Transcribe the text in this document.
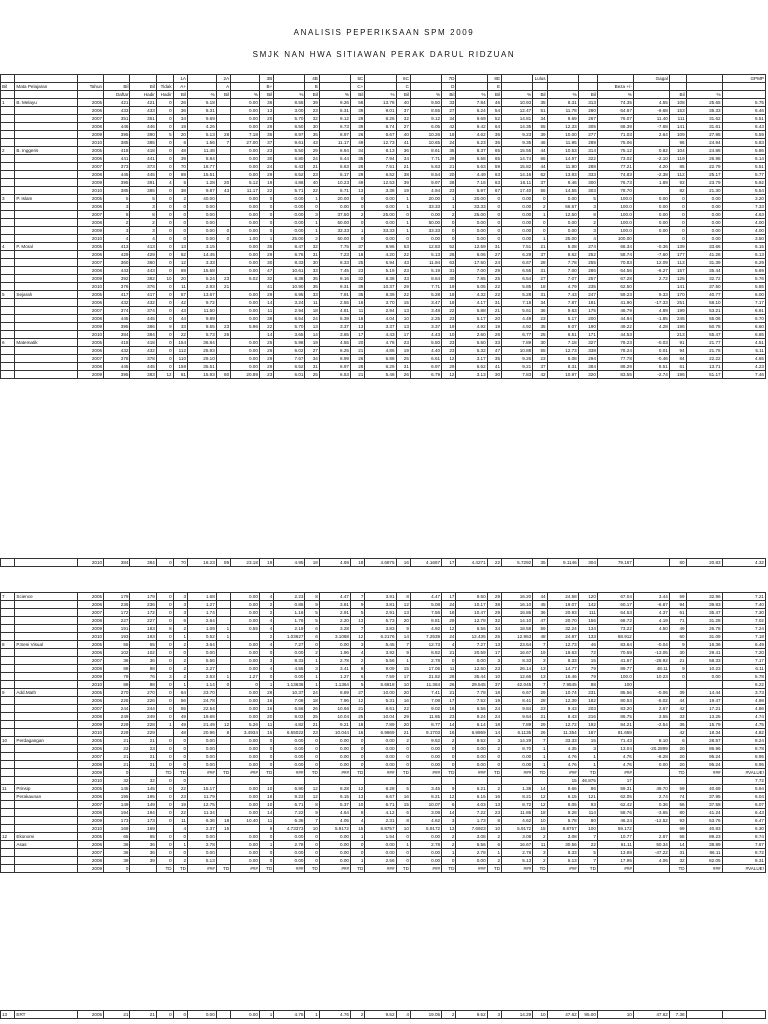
ANALISIS PEPERIKSAAN SPM 2009
SMJK NAN HWA SITIAWAN PERAK DARUL RIDZUAN
						1A		2A		3B		4B		5C		6C		7D		8E		Lulus				Gagal			GPMP
Bil	Mata Pelajaran	Tahun	Bil	Bil	Tidak	A+		A		B+		B		C+		C		D		E					Beza +/-				
			Daftar	Hadir	Hadir	Bil	%	Bil	%	Bil	%	Bil	%	Bil	%	Bil	%	Bil	%	Bil	%	Bil	%	Bil	%		Bil	%	
1	B. Melayu	2005	421	421	0	26	6.18		0.00	36	8.55	39	9.26	58	13.78	40	9.50	33	7.84	46	10.93	35	8.31	313	74.35	4.55	108	25.65	5.75
		2006	433	433	0	36	8.31		0.00	13	3.00	23	5.31	39	9.01	37	8.55	27	6.24	54	12.47	51	11.78	280	64.67	-9.68	153	35.33	6.46
		2007	351	351	0	34	9.69		0.00	20	5.70	32	9.12	29	8.26	32	9.12	34	9.69	52	14.81	34	9.69	267	76.07	11.40	111	31.62	6.51
		2008	446	446	0	19	4.26		0.00	29	6.50	30	6.73	39	8.74	27	6.05	42	9.42	64	14.35	55	12.33	305	68.39	-7.68	141	31.61	6.43
		2009	395	390	5	20	5.13	28	7.18	35	8.97	35	8.97	26	6.67	40	10.26	18	4.62	36	9.23	39	10.00	277	71.03	2.64	109	27.95	5.59
		2010	385	385	0	6	1.56	7	27.00	37	9.61	43	11.17	49	12.73	41	10.65	24	6.23	36	9.35	46	11.95	289	75.06		96	24.94	5.83
2	B. Inggeris	2005	418	418	0	48	11.48		0.00	23	5.50	29	6.94	34	8.13	36	8.61	35	8.37	65	15.55	44	10.53	314	75.12	0.82	104	24.88	5.86
		2006	441	441	0	39	8.84		0.00	30	6.80	24	5.44	35	7.94	34	7.71	29	6.58	65	14.74	66	14.97	322	73.02	-2.10	119	26.98	6.14
		2007	373	373	0	70	18.77		0.00	24	6.43	21	5.63	28	7.51	21	5.63	21	5.63	59	15.82	44	11.80	288	77.21	4.20	85	22.79	5.51
		2008	445	445	0	69	15.51		0.00	29	6.52	23	5.17	29	6.52	38	8.54	20	4.49	63	14.16	62	13.93	333	74.83	-2.38	112	25.17	5.77
		2009	395	391	4	5	1.28	20	5.12	19	4.86	40	10.23	49	12.53	39	9.97	28	7.16	63	16.11	37	9.46	300	76.73	1.89	93	23.79	5.92
		2010	385	385	0	38	9.87	43	11.17	22	5.71	22	5.71	13	3.38	19	4.94	23	5.97	67	17.40	56	14.55	303	78.70		82	21.30	5.54
3	P. Islam	2005	5	5	0	2	40.00		0.00	0	0.00	1	20.00	0	0.00	1	20.00	1	20.00	0	0.00	0	0.00	5	100.0	0.00	0	0.00	3.20
		2006	3	3	0	0	0.00		0.00	0	0.00	0	0.00	0	0.00	1	33.33	1	33.33	0	0.00	2	66.67	3	100.0	0.00	0	0.00	7.33
		2007	8	8	0	0	0.00		0.00	0	0.00	3	37.50	2	25.00	0	0.00	2	25.00	0	0.00	1	12.50	8	100.0	0.00	0	0.00	4.63
		2008	2	2	0	0	0.00		0.00	0	0.00	1	50.00	0	0.00	1	50.00	0	0.00	0	0.00	0	0.00	2	100.0	0.00	0	0.00	4.00
		2009	3	3	0	0	0.00	0	0.00	0	0.00	1	33.33	1	33.33	1	33.33	0	0.00	0	0.00	0	0.00	3	100.0	0.00	0	0.00	4.00
		2010	4	4	0	0	0.00	0	1.00	1	25.00	2	50.00	0	0.00	0	0.00	0	0.00	0	0.00	1	25.00	4	100.00		0	0.00	3.50
4	P. Moral	2005	413	413	0	13	3.15		0.00	35	8.47	32	7.75	37	8.96	53	12.83	52	12.59	31	7.51	21	5.08	274	66.34	-0.36	139	33.66	6.15
		2006	429	429	0	62	14.45		0.00	29	6.76	31	7.23	18	4.20	22	5.13	26	6.06	27	6.29	37	8.62	252	58.74	-7.60	177	41.26	6.13
		2007	360	360	0	12	3.33		0.00	30	8.33	30	8.33	25	6.94	43	11.94	63	17.50	24	6.67	28	7.78	255	70.83	12.09	113	31.39	6.29
		2008	443	443	0	69	15.58		0.00	47	10.61	33	7.45	23	5.19	23	5.19	31	7.00	29	6.55	31	7.00	286	64.56	-6.27	157	35.44	5.69
		2009	392	382	10	20	5.24	23	6.02	32	8.38	35	9.16	32	8.38	33	8.64	30	7.85	25	6.54	27	7.07	257	67.28	2.72	125	32.72	5.76
		2010	376	376	0	11	2.93	21		41	10.90	35	9.31	39	10.37	29	7.71	19	5.05	22	5.85	18	4.79	235	62.50		141	37.50	5.85
5	Sejarah	2005	417	417	0	57	13.67		0.00	29	6.95	33	7.91	35	8.39	22	5.28	18	4.32	22	5.28	31	7.43	247	59.23	9.33	170	40.77	6.00
		2006	432	432	0	42	9.72		0.00	14	3.24	11	2.55	16	3.70	15	3.47	18	4.17	31	7.18	34	7.87	181	41.90	-17.33	251	58.10	7.17
		2007	374	374	0	43	11.50		0.00	11	2.94	18	4.81	11	2.94	13	3.48	22	5.88	21	5.61	36	9.63	175	46.79	4.89	199	53.21	6.91
		2008	445	445	0	44	9.89		0.00	38	8.54	24	5.39	18	4.04	10	2.25	23	5.17	20	4.49	23	5.17	200	44.94	-1.85	245	55.06	6.70
		2009	395	386	9	33	8.55	23	5.96	22	5.70	13	3.37	13	3.37	13	3.37	19	4.92	19	4.92	35	9.07	190	49.22	4.28	196	50.78	6.60
		2010	384	384	0	22	5.73	26		14	3.65	14	3.65	17	4.43	17	4.43	10	2.60	26	6.77	25	6.51	171	44.53		213	55.47	6.85
6	Matematik	2005	418	418	0	154	36.84		0.00	25	5.98	19	4.55	20	4.78	23	5.50	23	5.50	33	7.89	30	7.18	327	78.23	-0.03	91	21.77	4.51
		2006	432	432	0	112	25.93		0.00	26	6.02	27	6.25	21	4.86	19	4.40	23	5.32	47	10.88	55	12.73	338	78.24	0.01	94	21.76	5.11
		2007	378	378	0	110	29.10		0.00	29	7.67	34	8.99	26	6.88	25	6.61	12	3.17	35	9.26	23	6.08	294	77.78	-0.46	84	22.22	4.65
		2008	445	445	0	158	35.51		0.00	29	6.52	31	6.97	28	6.29	31	6.97	29	6.52	41	9.21	37	8.31	384	86.29	8.51	61	13.71	4.23
		2009	395	383	12	61	15.93	80	20.89	23	6.01	25	6.53	21	5.48	26	6.79	12	3.13	30	7.83	42	10.97	320	83.55	-2.74	196	51.17	7.46
		2010	384	384	0	70	18.23	89	23.18	19	4.95	18	4.69	18	4.6875	16	4.1667	17	4.4271	22	5.7292	35	9.1146	304	79.167		80	20.83	4.32
7	Science	2005	179	179	0	3	1.68		0.00	4	2.23	8	4.47	7	3.91	8	4.47	17	9.50	29	16.20	44	24.58	120	67.04	3.44	59	32.96	7.21
		2006	236	236	0	3	1.27		0.00	2	0.85	9	3.81	9	3.81	12	5.08	24	10.17	38	16.10	45	19.07	142	60.17	-6.87	94	39.83	7.40
		2007	172	172	0	3	1.74		0.00	2	1.16	5	2.91	5	2.91	13	7.56	18	10.47	29	16.86	36	20.93	111	64.53	4.37	61	35.47	7.30
		2008	227	227	0	6	2.64		0.00	4	1.76	5	2.20	13	5.73	20	8.81	29	12.78	32	14.10	47	20.70	156	68.72	4.19	71	31.28	7.02
		2009	191	183	8	2	1.09	1	0.55	4	2.19	6	3.28	7	3.83	9	4.92	12	6.56	34	18.58	59	32.24	134	73.22	4.50	49	26.78	7.24
		2010	193	193	0	1	0.52	1		2	1.03627	6	3.1088	12	6.2176	14	7.2539	24	12.435	25	12.953	48	24.87	133	68.912		60	31.09	7.18
8	P.Seni Visual	2005	55	55	0	2	3.64		0.00	4	7.27	0	0.00	3	5.45	7	12.73	4	7.27	13	23.64	7	12.73	46	83.64	-0.04	9	16.36	6.49
		2006	102	102	0	0	0.00		0.00	0	0.00	2	1.96	4	3.92	9	8.82	21	20.59	17	16.67	19	18.63	72	70.59	-13.05	30	29.41	7.20
		2007	36	36	0	2	5.56		0.00	3	8.33	1	2.78	2	5.56	1	2.78	0	0.00	3	8.33	3	8.33	15	41.67	-28.92	21	58.33	7.17
		2008	88	88	0	2	2.27		0.00	4	4.55	3	3.41	8	9.09	15	17.05	11	12.50	23	26.14	13	14.77	79	89.77	48.11	9	10.23	6.11
		2009	79	76	3	2	2.53	1	1.27	0	0.00	1	1.27	6	7.59	17	21.52	28	35.44	10	12.66	13	16.46	79	100.0	10.23	0	0.00	5.78
		2010	88	88	0	1	1.14	0	0	1	1.13636	1	1.1364	5	5.6818	10	11.364	26	29.545	37	42.045	7	7.9545	88	100				6.22
9	Add.Math	2005	270	270	0	64	23.70		0.00	28	10.37	24	8.89	27	10.00	20	7.41	21	7.78	18	6.67	29	10.74	231	85.56	-0.06	39	14.44	3.73
		2006	226	226	0	56	24.78		0.00	16	7.08	18	7.96	12	5.31	16	7.08	17	7.52	19	8.41	28	12.39	182	80.53	-5.02	44	19.47	4.98
		2007	244	244	0	55	22.54		0.00	16	6.56	26	10.66	21	8.61	22	9.02	16	6.56	24	9.84	23	9.43	203	83.20	2.67	42	17.21	4.86
		2008	249	249	0	49	19.68		0.00	20	8.03	25	10.04	25	10.04	29	11.65	23	9.24	24	9.64	21	8.43	216	86.75	3.55	33	13.25	4.74
		2009	229	228	1	49	21.49	12	5.26	11	4.82	21	9.21	18	7.89	20	8.77	14	6.14	18	7.89	29	12.72	192	84.21	-2.54	36	15.79	4.75
		2010	229	229		48	20.96	8	3.4934	15	6.55022	23	10.044	16	6.9869	21	9.1703	16	6.9869	14	6.1135	26	11.354	187	81.659		42	18.34	4.82
10	Perdagangan	2005	21	21	0	0	0.00		0.00	0	0.00	0	0.00	0	0.00	2	9.52	2	9.52	3	14.29	7	33.33	15	71.43	8.10	6	28.57	8.24
		2006	23	23	0	0	0.00		0.00	0	0.00	0	0.00	0	0.00	0	0.00	0	0.00	2	8.70	1	4.35	3	13.04	-20.2899	20	86.96	8.78
		2007	21	21	0	0	0.00		0.00	0	0.00	0	0.00	0	0.00	0	0.00	0	0.00	0	0.00	1	4.76	1	4.76	-8.28	20	95.24	8.95
		2008	21	21	0	0	0.00		0.00	0	0.00	0	0.00	0	0.00	0	0.00	0	0.00	0	0.00	1	4.76	1	4.76	0.00	20	95.24	8.95
		2009	0		TD	TD	###	TD	###	TD	###	TD	###	TD	###	TD	###	TD	###	TD	###	TD	###	TD	###		TD	###	#VALUE!
		2010	32	32	0	0																	15	46.875	17				7.72
11	Prinsip	2005	145	145	0	22	15.17		0.00	10	6.90	12	8.28	12	8.28	5	3.45	9	6.21	2	1.38	14	9.66	86	59.31	49.70	59	40.69	5.94
	Perakaunan	2006	195	195	0	23	11.79		0.00	18	9.23	12	6.15	13	6.67	16	8.21	12	6.15	16	8.21	12	6.15	121	62.05	2.74	74	37.95	6.04
		2007	149	149	0	19	12.75		0.00	10	6.71	8	5.37	10	6.71	15	10.07	6	4.03	13	8.72	12	8.05	93	62.42	0.36	56	37.58	6.07
		2008	194	194	0	22	11.34		0.00	14	7.22	9	4.64	8	4.12	6	3.09	14	7.22	23	11.86	18	9.28	114	58.76	-3.65	80	41.24	6.43
		2009	173	173	0	11	6.36	18	10.40	11	6.36	7	4.05	4	2.31	8	4.62	3	1.73	8	4.62	10	5.78	80	46.24	-12.52	93	53.76	6.47
		2010	169	169		4	2.37	15		8	4.73373	10	5.9172	15	8.8757	10	5.9172	13	7.6923	10	5.9172	15	8.8757	100	59.172		69	40.83	6.30
12	Ekonomi	2005	65	65	0	0	0.00		0.00	0	0.00	0	0.00	1	1.54	0	0.00	2	3.08	2	3.08	2	3.08	7	10.77	2.87	58	89.23	8.74
	Asas	2006	36	36	0	1	2.78		0.00	1	2.78	0	0.00	0	0.00	1	2.78	2	5.56	6	16.67	11	30.56	22	61.11	50.34	14	38.89	7.67
		2007	36	36	0	0	0.00		0.00	0	0.00	0	0.00	0	0.00	0	0.00	1	2.78	1	2.78	3	8.33	5	13.89	-47.22	31	86.11	8.72
		2008	39	39	0	2	5.13		0.00	0	0.00	0	0.00	1	2.56	0	0.00	0	0.00	2	5.13	2	5.13	7	17.95	4.06	32	82.05	8.31
		2009	0		TD	TD	###	TD	###	TD	###	TD	###	TD	###	TD	###	TD	###	TD	###	TD	###	TD	###		TD	###	#VALUE!
13	ERT	2005	21	21	0	0	0.00		0.00	1	4.76	1	4.76	2	9.52	4	19.05	2	9.52	3	14.29	10	47.62	95.00	10	47.62	7.38		
